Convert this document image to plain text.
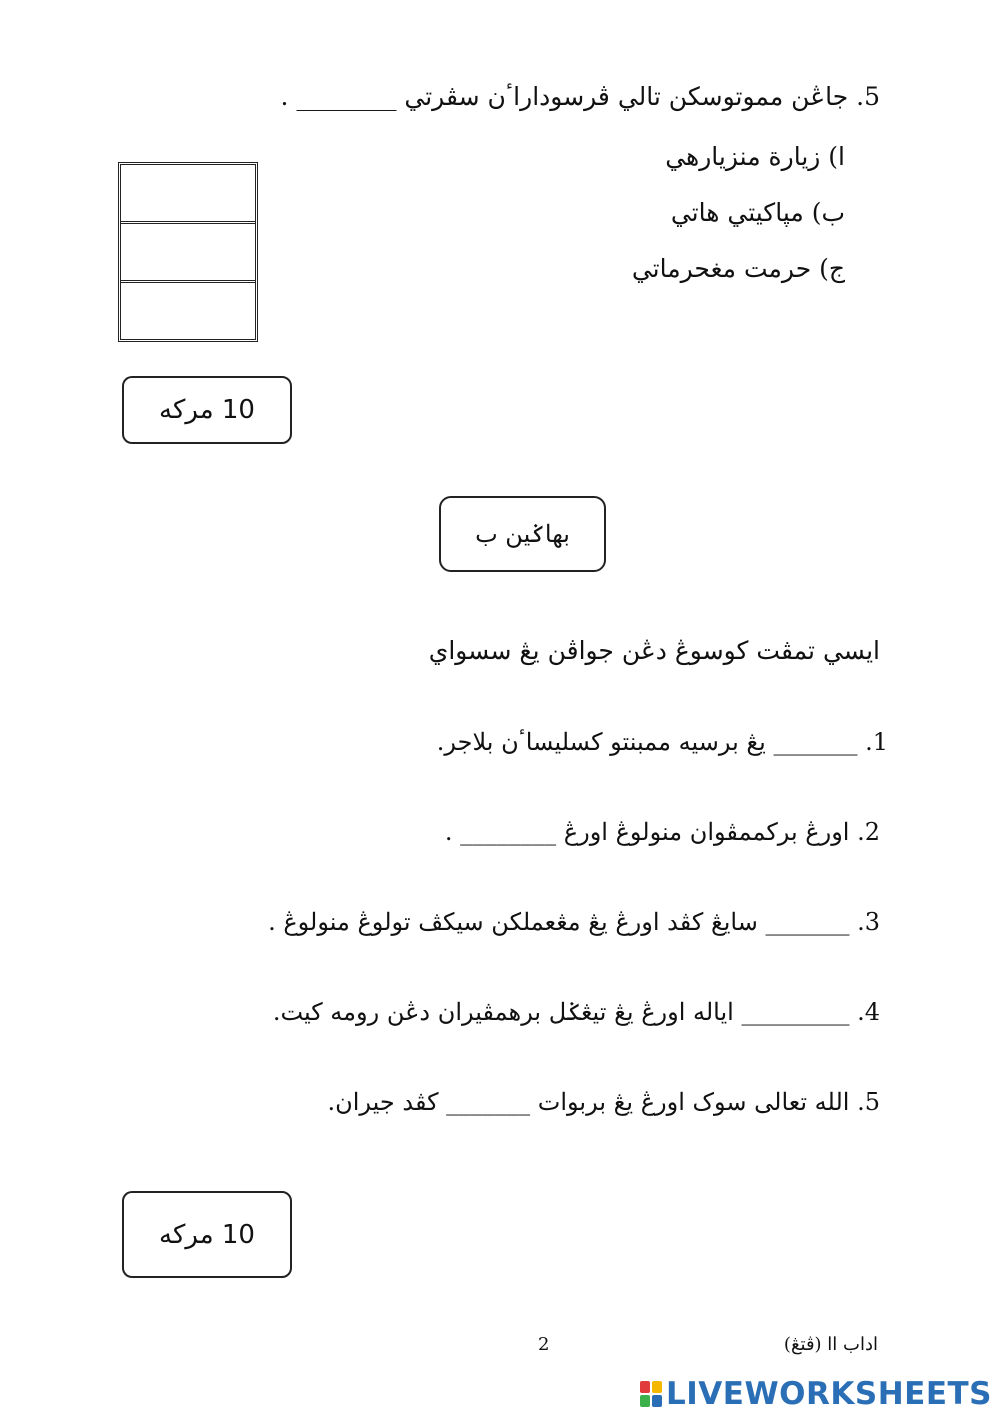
5. جاڠن مموتوسکن تالي ڤرسوداراٴن سڤرتي ________ .
ا) زيارة منزيارهي
ب) مپاکيتي هاتي
ج) حرمت مغحرماتي
10 مرکه
بهاݢين ب
ايسي تمڤت کوسوڠ دڠن جواڤن يڠ سسواي
1. _______ يڠ برسيه ممبنتو کسليساٴن بلاجر.
2. اورڠ برکممڤوان منولوڠ اورڠ ________ .
3. _______ سايڠ کڤد اورڠ يڠ مڠعملکن سيکڤ تولوڠ منولوڠ .
4. _________ اياله اورڠ يڠ تيڠݢل برهمڤيران دڠن رومه کيت.
5. الله تعالى سوک اورڠ يڠ بربوات _______ کڤد جيران.
10 مرکه
اداب اا (ڤتڠ)
2
LIVEWORKSHEETS
